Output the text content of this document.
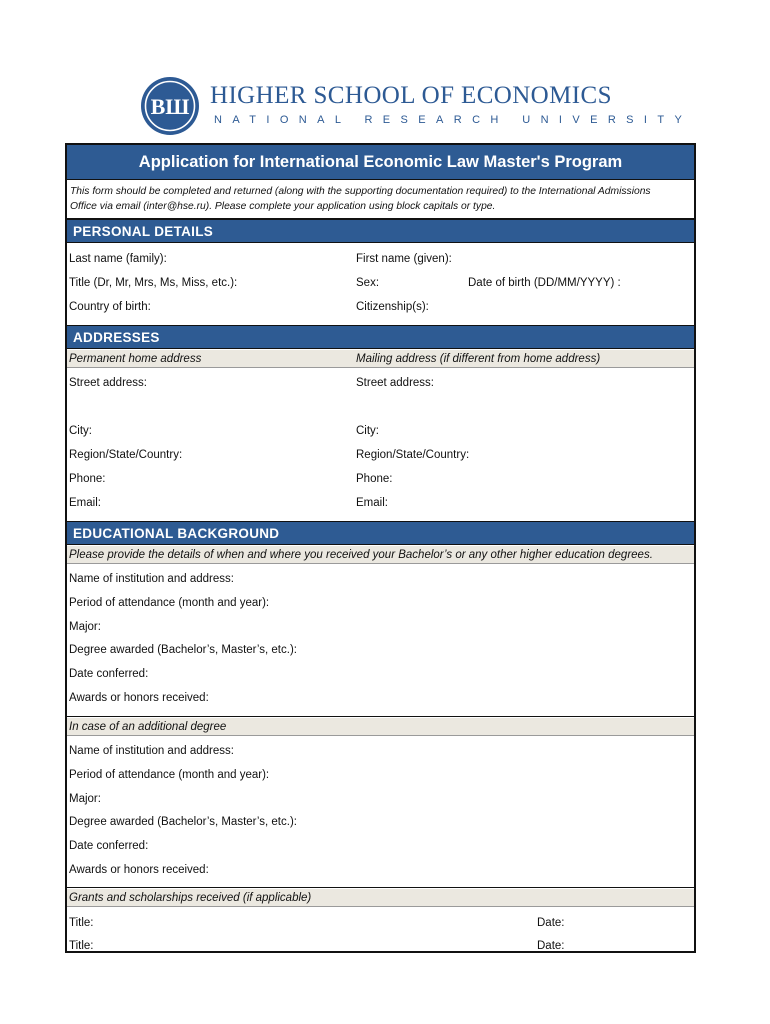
ВШ HIGHER SCHOOL OF ECONOMICS
NATIONAL RESEARCH UNIVERSITY
Application for International Economic Law Master's Program
This form should be completed and returned (along with the supporting documentation required) to the International Admissions
Office via email (inter@hse.ru). Please complete your application using block capitals or type.
PERSONAL DETAILS
Last name (family):	First name (given):
Title (Dr, Mr, Mrs, Ms, Miss, etc.):	Sex:	Date of birth (DD/MM/YYYY) :
Country of birth:	Citizenship(s):
ADDRESSES
Permanent home address	Mailing address (if different from home address)
Street address:	Street address:
City:	City:
Region/State/Country:	Region/State/Country:
Phone:	Phone:
Email:	Email:
EDUCATIONAL BACKGROUND
Please provide the details of when and where you received your Bachelor’s or any other higher education degrees.
Name of institution and address:
Period of attendance (month and year):
Major:
Degree awarded (Bachelor’s, Master’s, etc.):
Date conferred:
Awards or honors received:
In case of an additional degree
Name of institution and address:
Period of attendance (month and year):
Major:
Degree awarded (Bachelor’s, Master’s, etc.):
Date conferred:
Awards or honors received:
Grants and scholarships received (if applicable)
Title:	Date:
Title:	Date:
